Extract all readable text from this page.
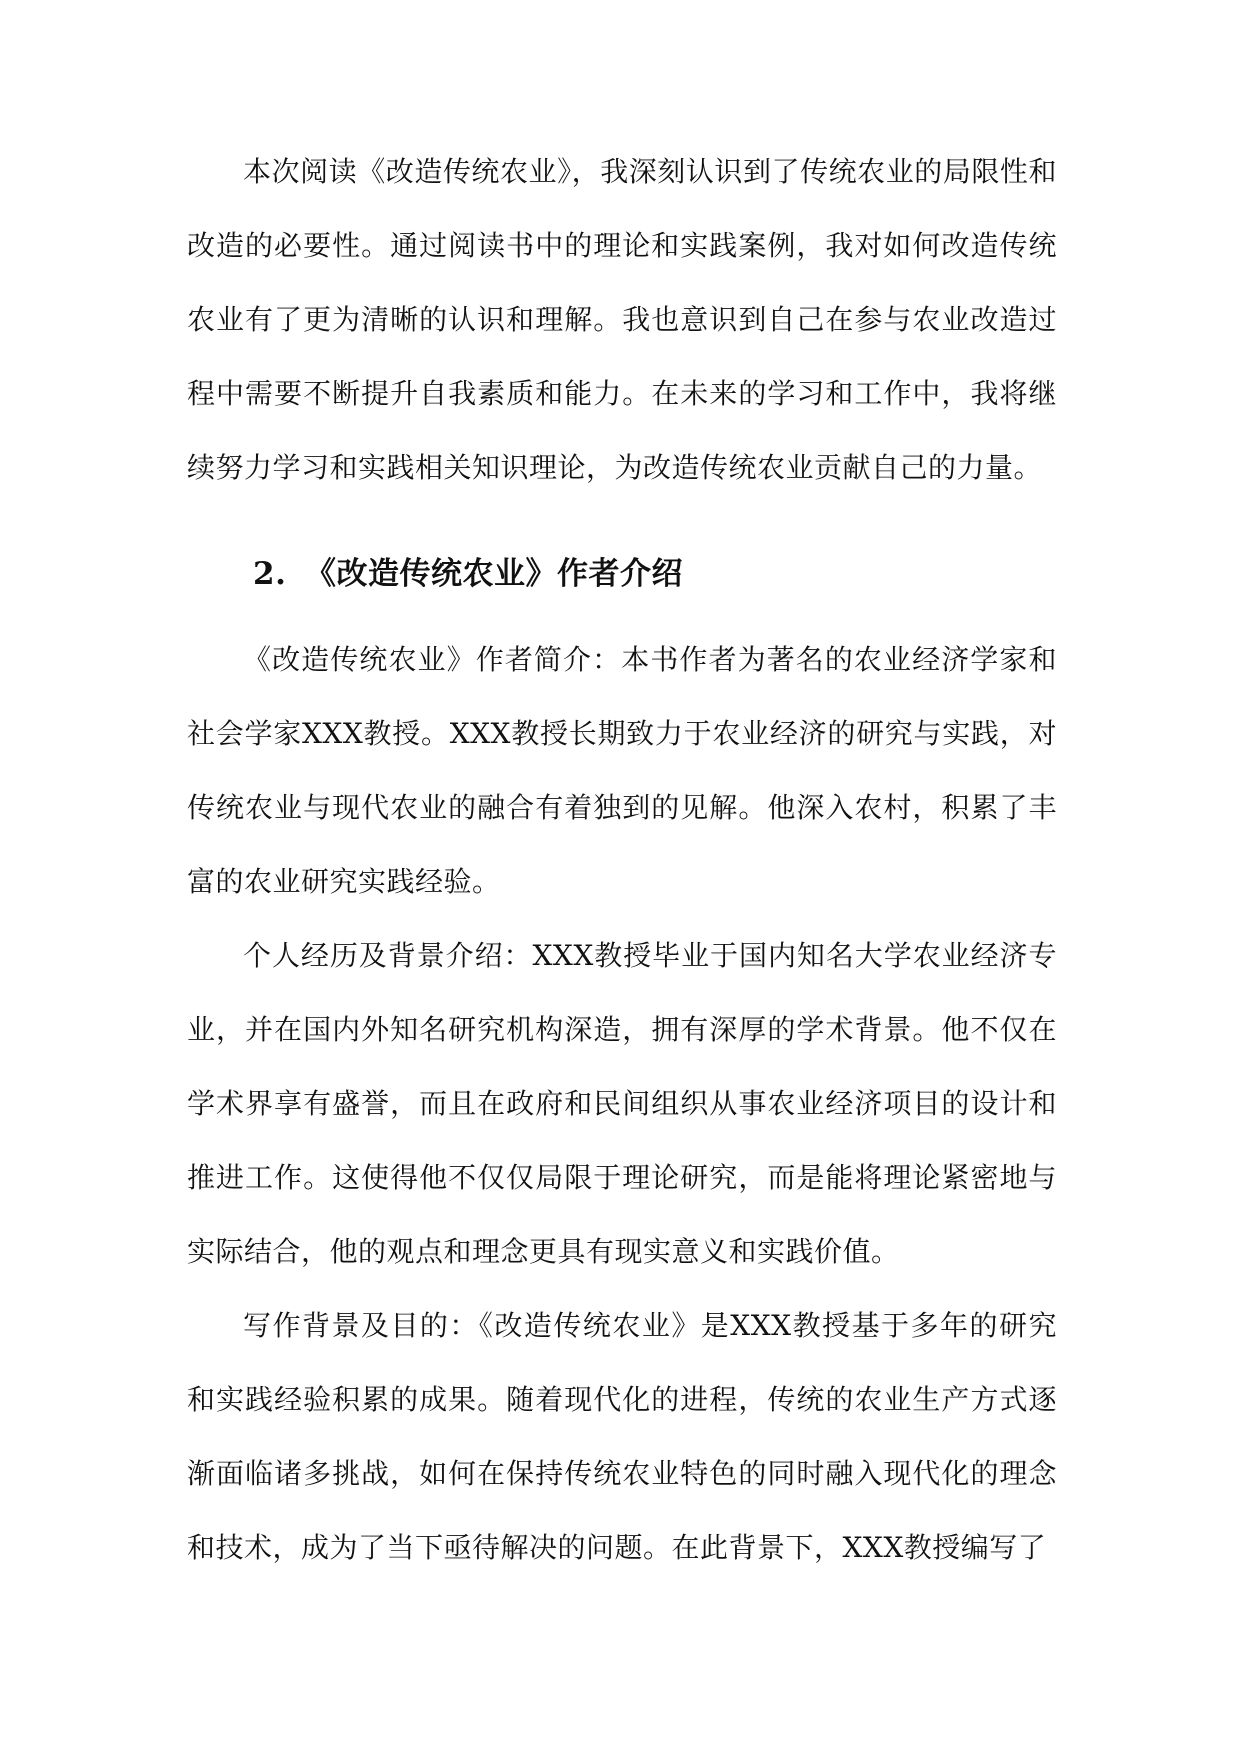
本次阅读《改造传统农业》，我深刻认识到了传统农业的局限性和改造的必要性。通过阅读书中的理论和实践案例，我对如何改造传统农业有了更为清晰的认识和理解。我也意识到自己在参与农业改造过程中需要不断提升自我素质和能力。在未来的学习和工作中，我将继续努力学习和实践相关知识理论，为改造传统农业贡献自己的力量。

2. 《改造传统农业》作者介绍

《改造传统农业》作者简介：本书作者为著名的农业经济学家和社会学家XXX教授。XXX教授长期致力于农业经济的研究与实践，对传统农业与现代农业的融合有着独到的见解。他深入农村，积累了丰富的农业研究实践经验。

个人经历及背景介绍：XXX教授毕业于国内知名大学农业经济专业，并在国内外知名研究机构深造，拥有深厚的学术背景。他不仅在学术界享有盛誉，而且在政府和民间组织从事农业经济项目的设计和推进工作。这使得他不仅仅局限于理论研究，而是能将理论紧密地与实际结合，他的观点和理念更具有现实意义和实践价值。

写作背景及目的：《改造传统农业》是XXX教授基于多年的研究和实践经验积累的成果。随着现代化的进程，传统的农业生产方式逐渐面临诸多挑战，如何在保持传统农业特色的同时融入现代化的理念和技术，成为了当下亟待解决的问题。在此背景下，XXX教授编写了
